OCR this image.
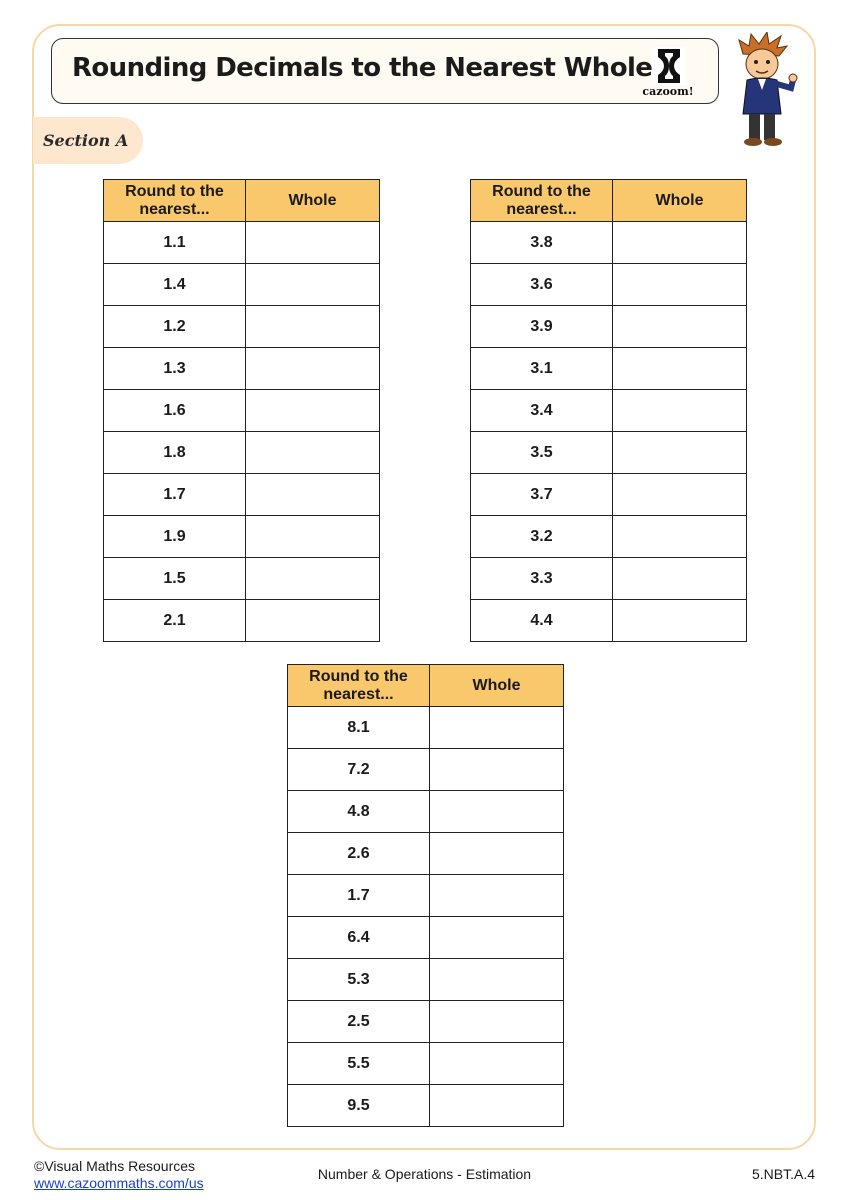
Rounding Decimals to the Nearest Whole
cazoom!
Section A
Round to the nearest...	Whole
1.1	
1.4	
1.2	
1.3	
1.6	
1.8	
1.7	
1.9	
1.5	
2.1	
Round to the nearest...	Whole
3.8	
3.6	
3.9	
3.1	
3.4	
3.5	
3.7	
3.2	
3.3	
4.4	
Round to the nearest...	Whole
8.1	
7.2	
4.8	
2.6	
1.7	
6.4	
5.3	
2.5	
5.5	
9.5	
©Visual Maths Resources
www.cazoommaths.com/us
Number & Operations - Estimation	5.NBT.A.4
